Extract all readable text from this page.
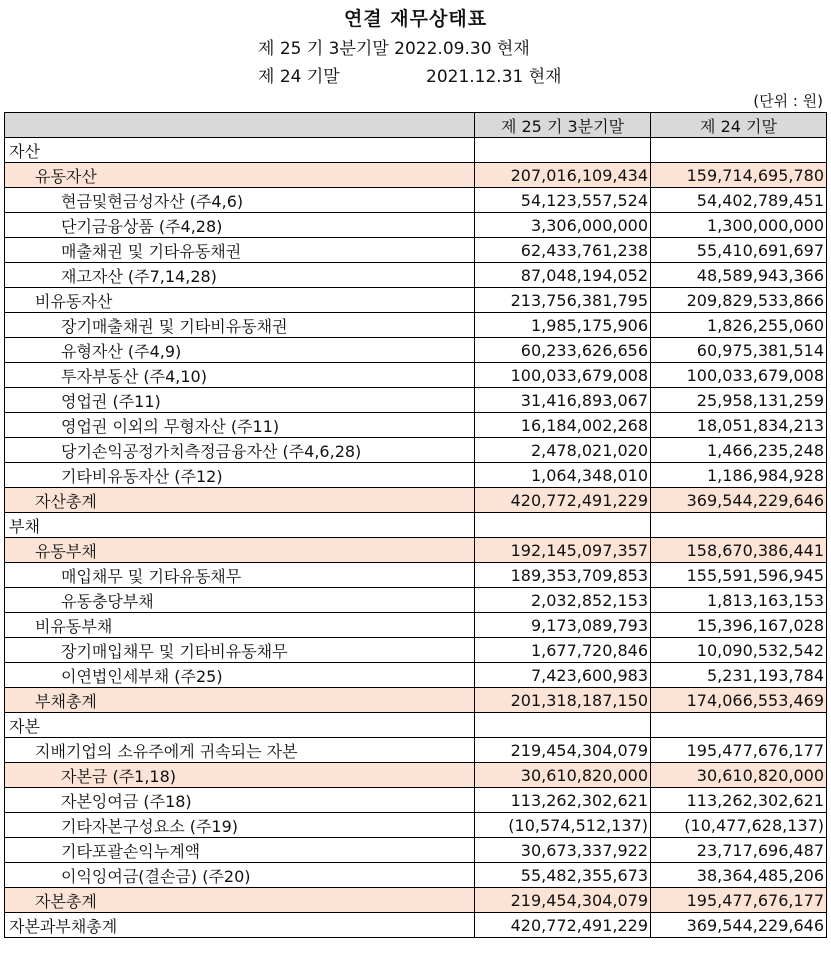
연결 재무상태표
제 25 기 3분기말 2022.09.30 현재
제 24 기말	2021.12.31 현재
(단위 : 원)
	제 25 기 3분기말	제 24 기말
자산		
유동자산	207,016,109,434	159,714,695,780
현금및현금성자산 (주4,6)	54,123,557,524	54,402,789,451
단기금융상품 (주4,28)	3,306,000,000	1,300,000,000
매출채권 및 기타유동채권	62,433,761,238	55,410,691,697
재고자산 (주7,14,28)	87,048,194,052	48,589,943,366
비유동자산	213,756,381,795	209,829,533,866
장기매출채권 및 기타비유동채권	1,985,175,906	1,826,255,060
유형자산 (주4,9)	60,233,626,656	60,975,381,514
투자부동산 (주4,10)	100,033,679,008	100,033,679,008
영업권 (주11)	31,416,893,067	25,958,131,259
영업권 이외의 무형자산 (주11)	16,184,002,268	18,051,834,213
당기손익공정가치측정금융자산 (주4,6,28)	2,478,021,020	1,466,235,248
기타비유동자산 (주12)	1,064,348,010	1,186,984,928
자산총계	420,772,491,229	369,544,229,646
부채		
유동부채	192,145,097,357	158,670,386,441
매입채무 및 기타유동채무	189,353,709,853	155,591,596,945
유동충당부채	2,032,852,153	1,813,163,153
비유동부채	9,173,089,793	15,396,167,028
장기매입채무 및 기타비유동채무	1,677,720,846	10,090,532,542
이연법인세부채 (주25)	7,423,600,983	5,231,193,784
부채총계	201,318,187,150	174,066,553,469
자본		
지배기업의 소유주에게 귀속되는 자본	219,454,304,079	195,477,676,177
자본금 (주1,18)	30,610,820,000	30,610,820,000
자본잉여금 (주18)	113,262,302,621	113,262,302,621
기타자본구성요소 (주19)	(10,574,512,137)	(10,477,628,137)
기타포괄손익누계액	30,673,337,922	23,717,696,487
이익잉여금(결손금) (주20)	55,482,355,673	38,364,485,206
자본총계	219,454,304,079	195,477,676,177
자본과부채총계	420,772,491,229	369,544,229,646
